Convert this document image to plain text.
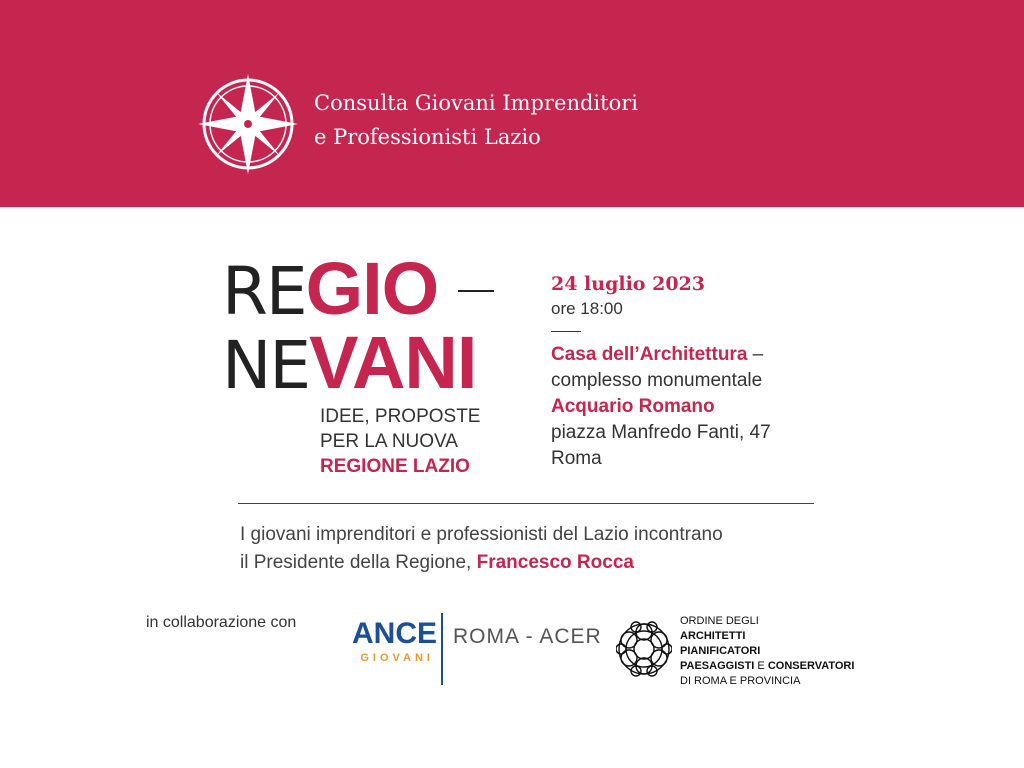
Consulta Giovani Imprenditori
e Professionisti Lazio
REGIO
NEVANI
IDEE, PROPOSTE
PER LA NUOVA
REGIONE LAZIO
24 luglio 2023
ore 18:00
Casa dell’Architettura –
complesso monumentale
Acquario Romano
piazza Manfredo Fanti, 47
Roma
I giovani imprenditori e professionisti del Lazio incontrano
il Presidente della Regione, Francesco Rocca
in collaborazione con ANCE
GIOVANI
ROMA - ACER
ORDINE DEGLI
ARCHITETTI
PIANIFICATORI
PAESAGGISTI E CONSERVATORI
DI ROMA E PROVINCIA
